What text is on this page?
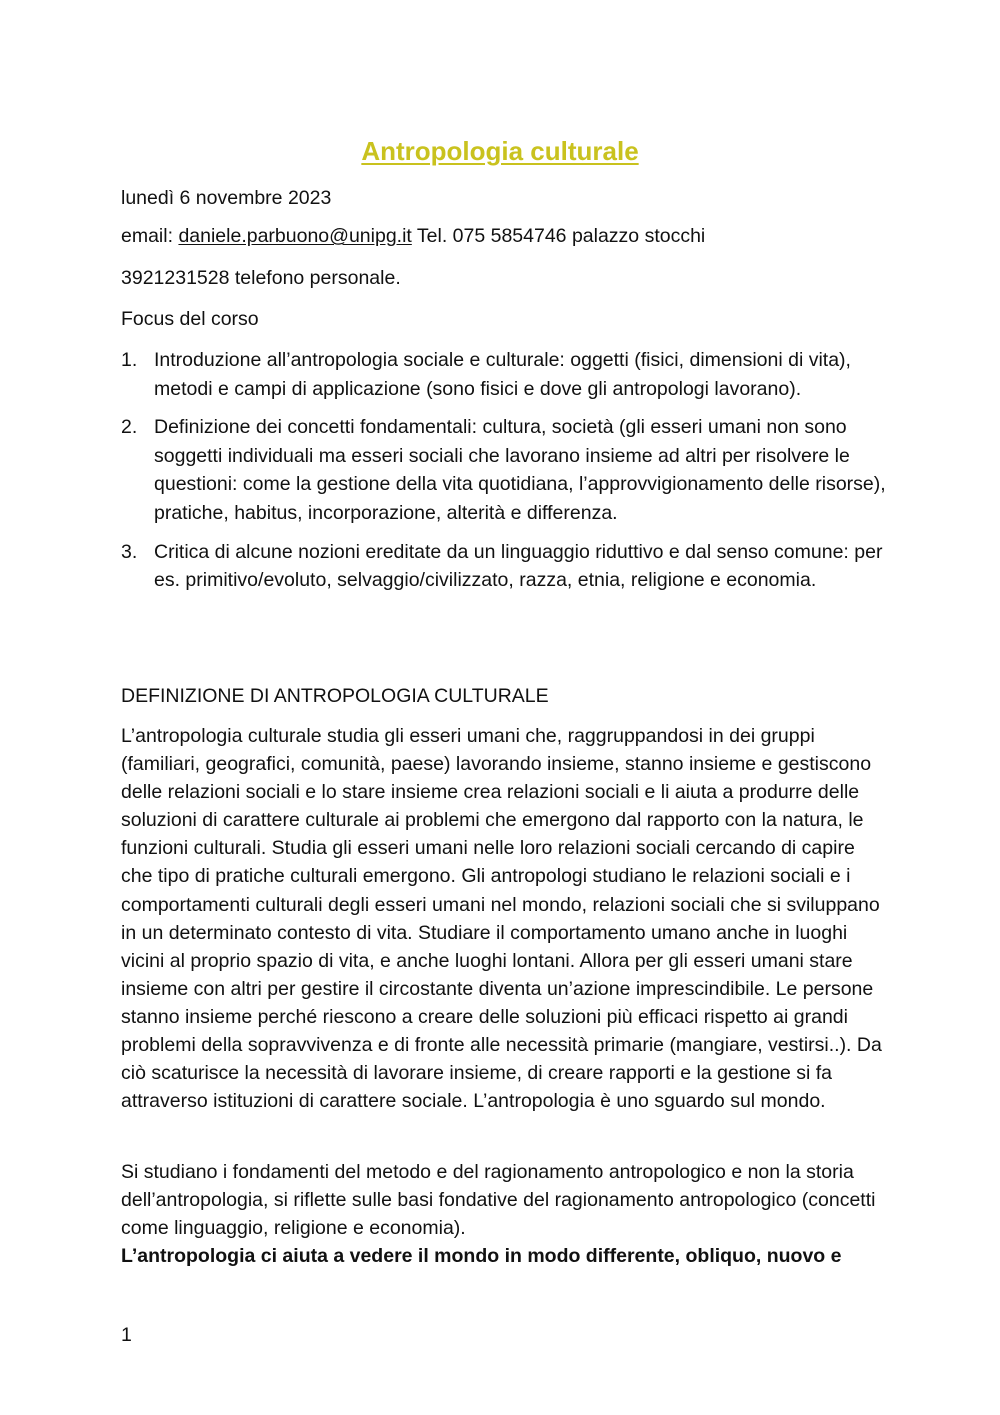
Antropologia culturale

lunedì 6 novembre 2023

email: daniele.parbuono@unipg.it Tel. 075 5854746 palazzo stocchi

3921231528 telefono personale.

Focus del corso

1. Introduzione all’antropologia sociale e culturale: oggetti (fisici, dimensioni di vita), metodi e campi di applicazione (sono fisici e dove gli antropologi lavorano).
2. Definizione dei concetti fondamentali: cultura, società (gli esseri umani non sono soggetti individuali ma esseri sociali che lavorano insieme ad altri per risolvere le questioni: come la gestione della vita quotidiana, l’approvvigionamento delle risorse), pratiche, habitus, incorporazione, alterità e differenza.
3. Critica di alcune nozioni ereditate da un linguaggio riduttivo e dal senso comune: per es. primitivo/evoluto, selvaggio/civilizzato, razza, etnia, religione e economia.

DEFINIZIONE DI ANTROPOLOGIA CULTURALE

L’antropologia culturale studia gli esseri umani che, raggruppandosi in dei gruppi (familiari, geografici, comunità, paese) lavorando insieme, stanno insieme e gestiscono delle relazioni sociali e lo stare insieme crea relazioni sociali e li aiuta a produrre delle soluzioni di carattere culturale ai problemi che emergono dal rapporto con la natura, le funzioni culturali. Studia gli esseri umani nelle loro relazioni sociali cercando di capire che tipo di pratiche culturali emergono. Gli antropologi studiano le relazioni sociali e i comportamenti culturali degli esseri umani nel mondo, relazioni sociali che si sviluppano in un determinato contesto di vita. Studiare il comportamento umano anche in luoghi vicini al proprio spazio di vita, e anche luoghi lontani. Allora per gli esseri umani stare insieme con altri per gestire il circostante diventa un’azione imprescindibile. Le persone stanno insieme perché riescono a creare delle soluzioni più efficaci rispetto ai grandi problemi della sopravvivenza e di fronte alle necessità primarie (mangiare, vestirsi..). Da ciò scaturisce la necessità di lavorare insieme, di creare rapporti e la gestione si fa attraverso istituzioni di carattere sociale. L’antropologia è uno sguardo sul mondo.

Si studiano i fondamenti del metodo e del ragionamento antropologico e non la storia dell’antropologia, si riflette sulle basi fondative del ragionamento antropologico (concetti come linguaggio, religione e economia).
L’antropologia ci aiuta a vedere il mondo in modo differente, obliquo, nuovo e

1
